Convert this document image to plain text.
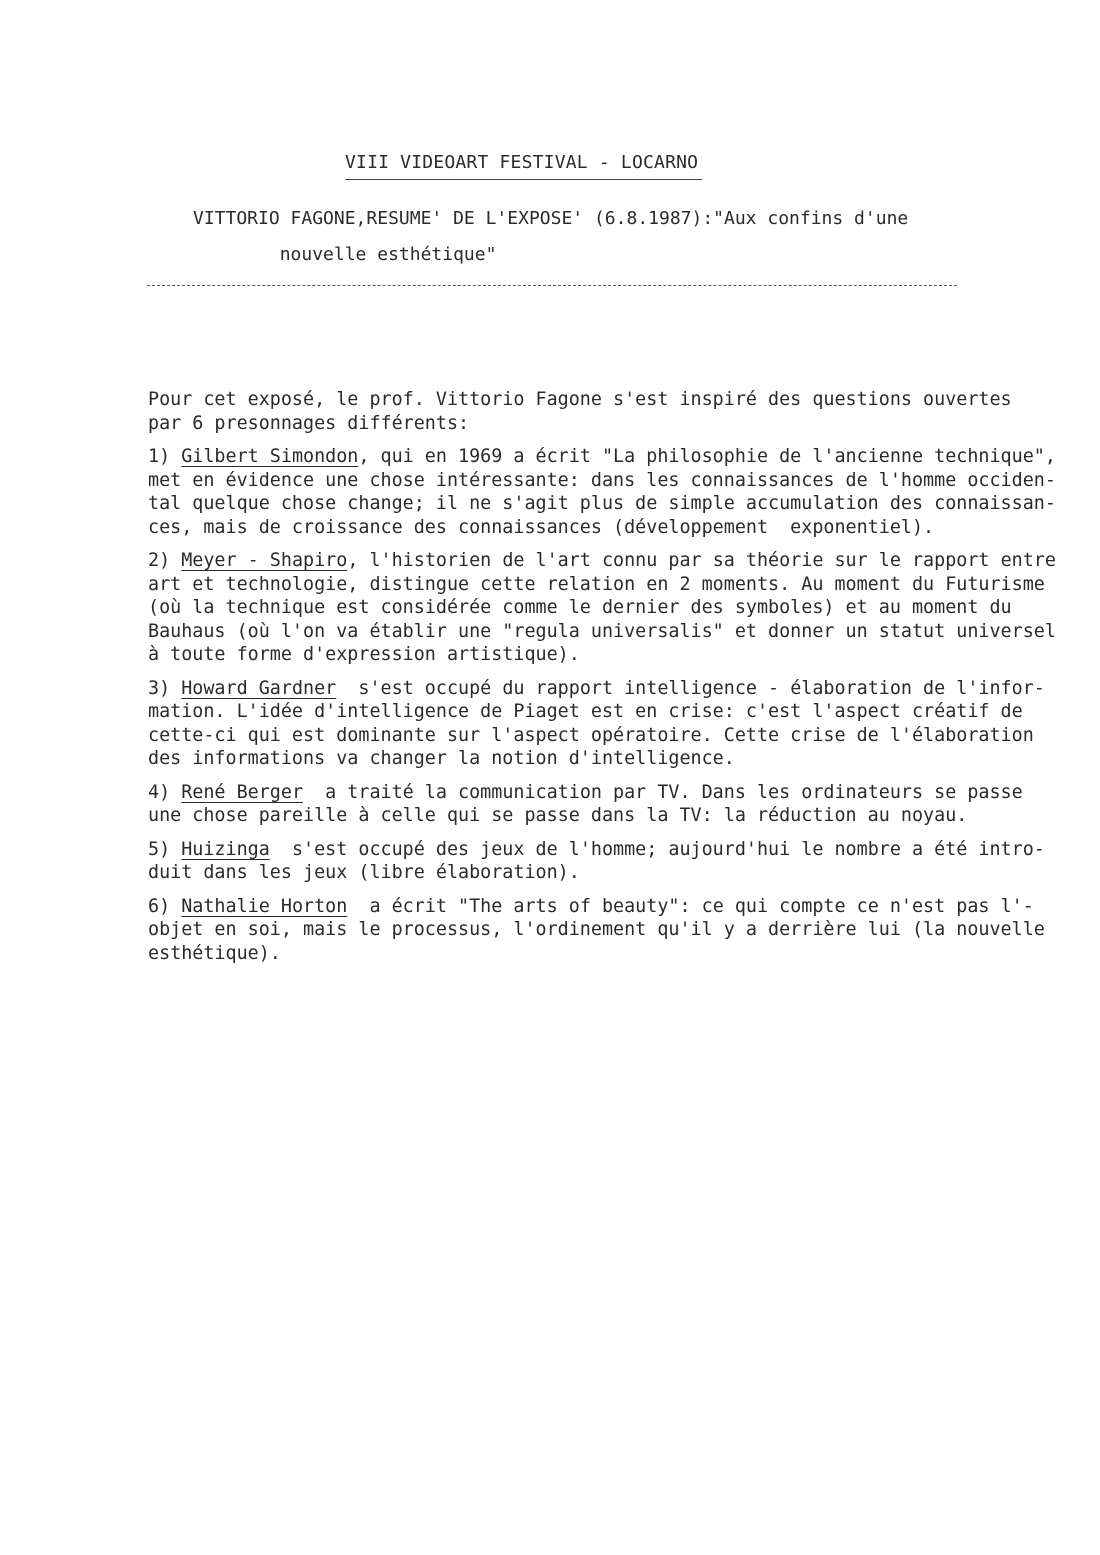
VIII VIDEOART FESTIVAL - LOCARNO
VITTORIO FAGONE,RESUME' DE L'EXPOSE' (6.8.1987):"Aux confins d'une
nouvelle esthétique"

Pour cet exposé, le prof. Vittorio Fagone s'est inspiré des questions ouvertes
par 6 presonnages différents:

1) Gilbert Simondon, qui en 1969 a écrit "La philosophie de l'ancienne technique",
met en évidence une chose intéressante: dans les connaissances de l'homme occiden-
tal quelque chose change; il ne s'agit plus de simple accumulation des connaissan-
ces, mais de croissance des connaissances (développement  exponentiel).

2) Meyer - Shapiro, l'historien de l'art connu par sa théorie sur le rapport entre
art et technologie, distingue cette relation en 2 moments. Au moment du Futurisme
(où la technique est considérée comme le dernier des symboles) et au moment du
Bauhaus (où l'on va établir une "regula universalis" et donner un statut universel
à toute forme d'expression artistique).

3) Howard Gardner  s'est occupé du rapport intelligence - élaboration de l'infor-
mation. L'idée d'intelligence de Piaget est en crise: c'est l'aspect créatif de
cette-ci qui est dominante sur l'aspect opératoire. Cette crise de l'élaboration
des informations va changer la notion d'intelligence.

4) René Berger  a traité la communication par TV. Dans les ordinateurs se passe
une chose pareille à celle qui se passe dans la TV: la réduction au noyau.

5) Huizinga  s'est occupé des jeux de l'homme; aujourd'hui le nombre a été intro-
duit dans les jeux (libre élaboration).

6) Nathalie Horton  a écrit "The arts of beauty": ce qui compte ce n'est pas l'-
objet en soi, mais le processus, l'ordinement qu'il y a derrière lui (la nouvelle
esthétique).
